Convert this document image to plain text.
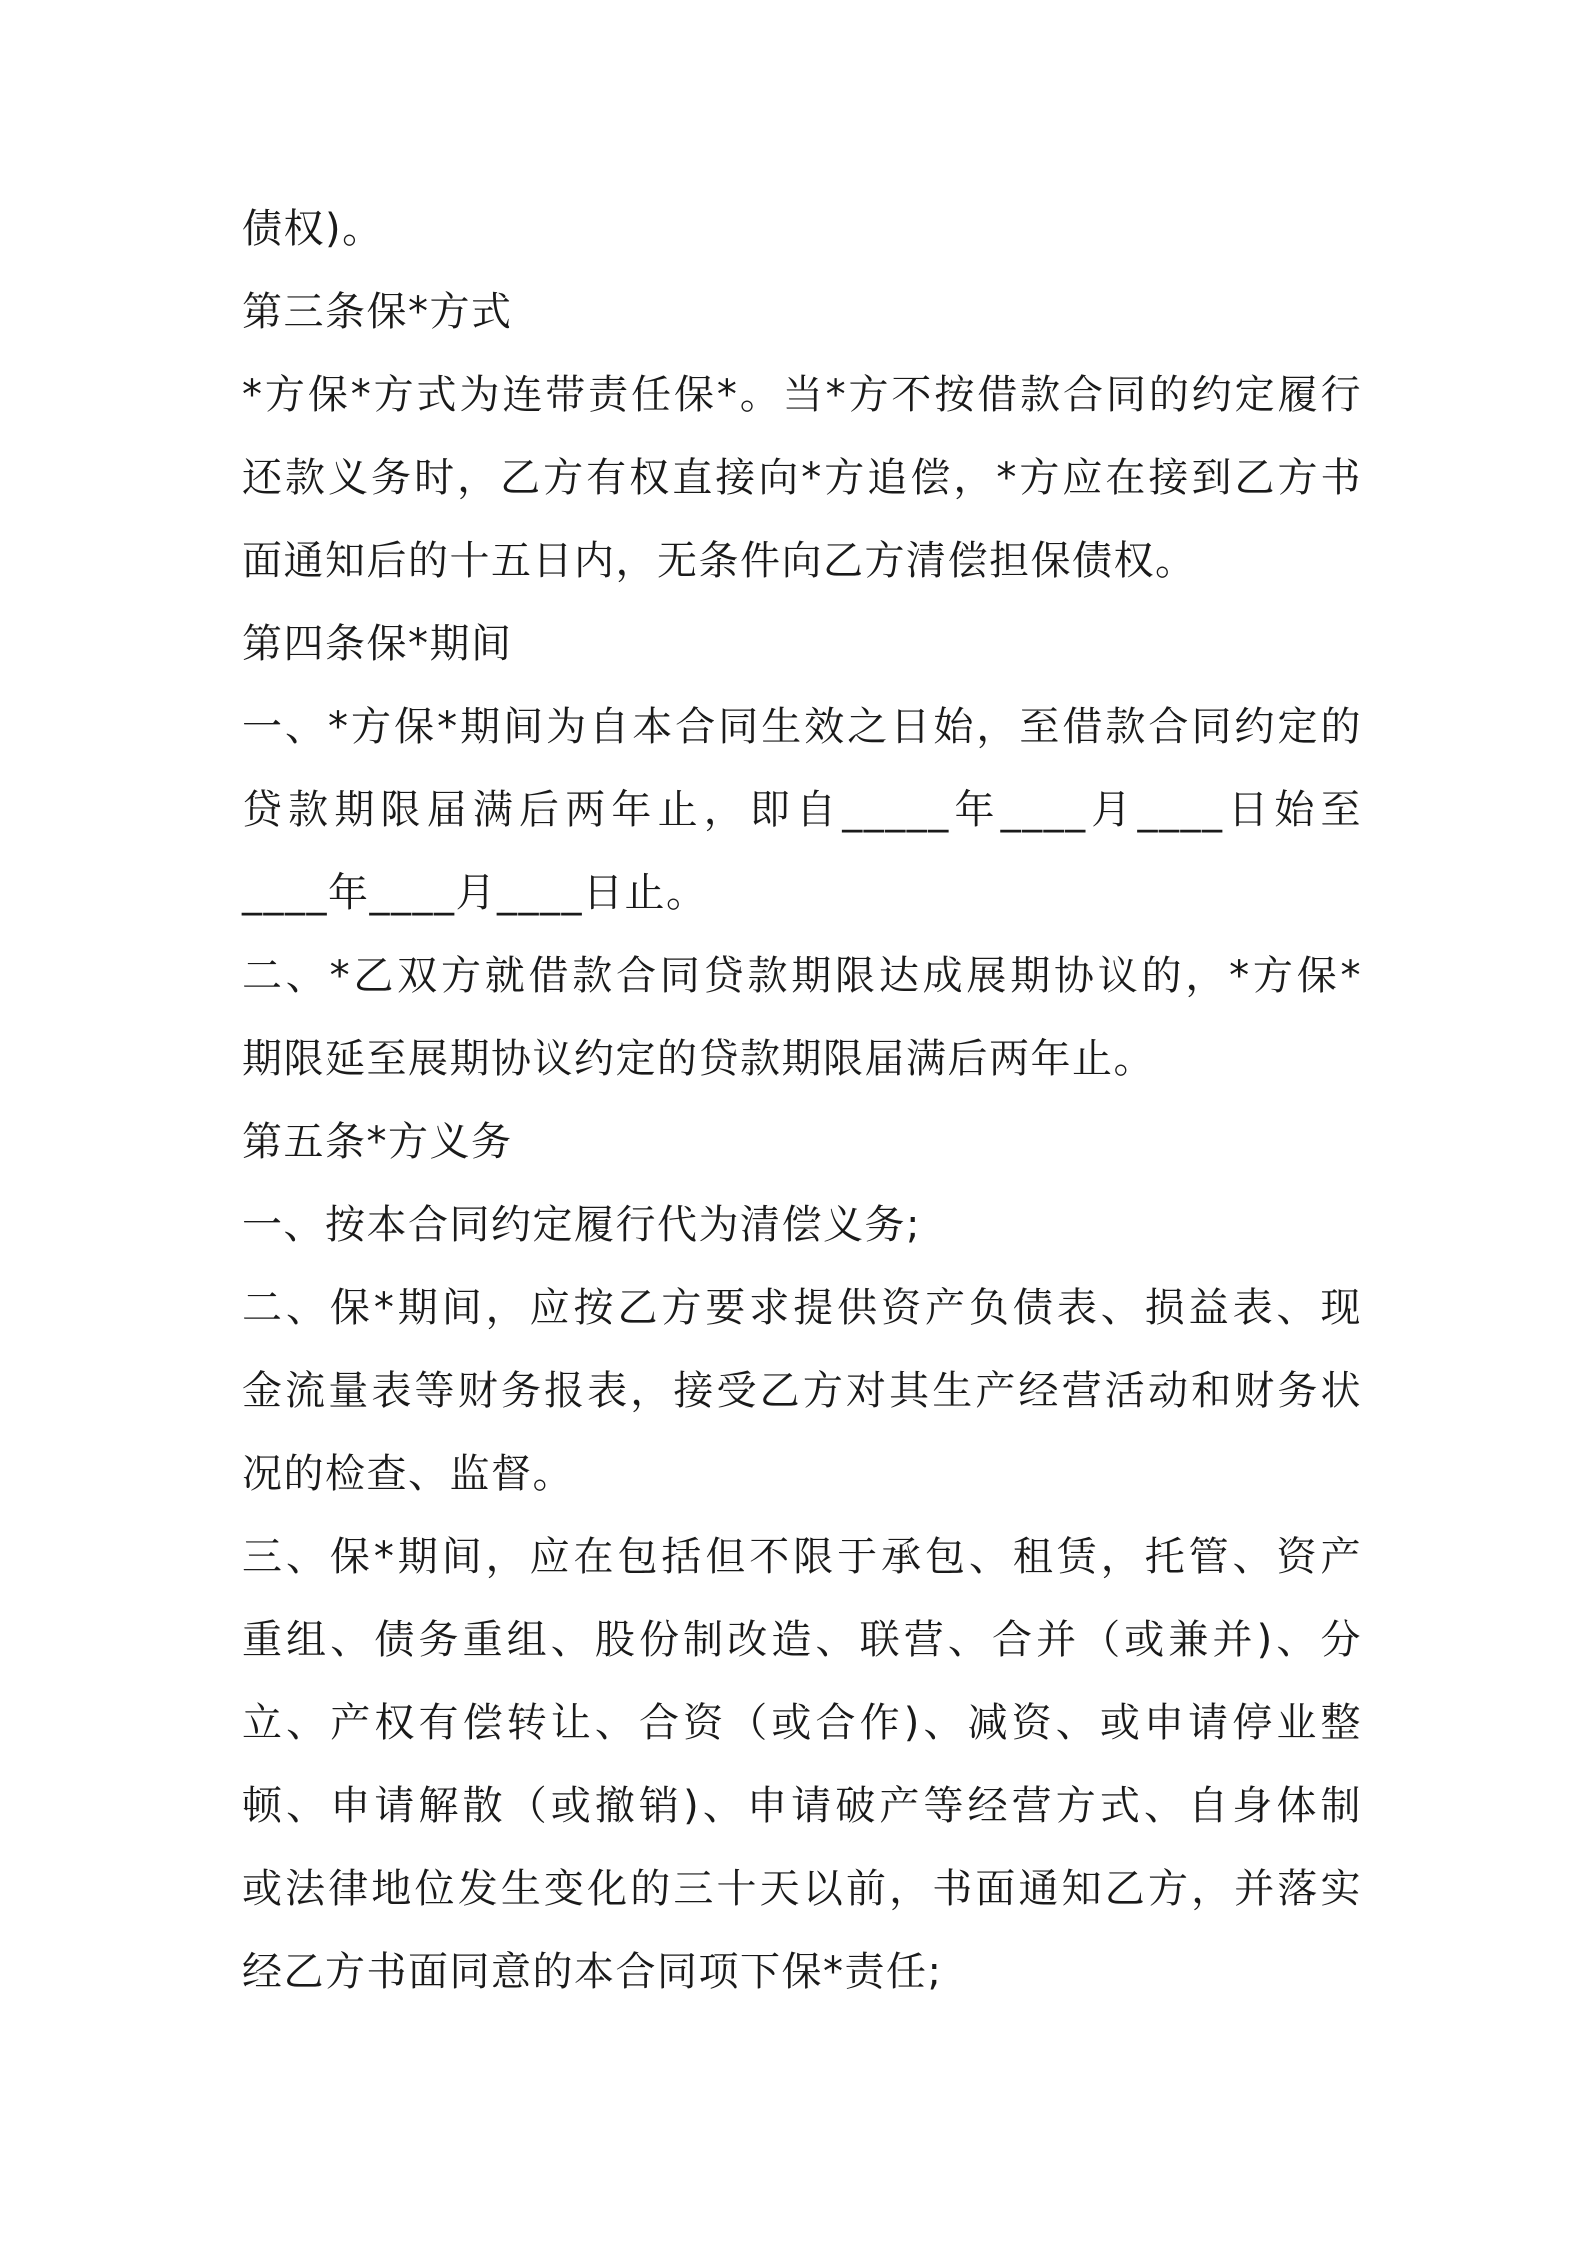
债权)。

第三条保*方式

*方保*方式为连带责任保*。当*方不按借款合同的约定履行

还款义务时，乙方有权直接向*方追偿，*方应在接到乙方书

面通知后的十五日内，无条件向乙方清偿担保债权。

第四条保*期间

一、*方保*期间为自本合同生效之日始，至借款合同约定的

贷款期限届满后两年止，即自_____年____月____日始至

____年____月____日止。

二、*乙双方就借款合同贷款期限达成展期协议的，*方保*

期限延至展期协议约定的贷款期限届满后两年止。

第五条*方义务

一、按本合同约定履行代为清偿义务;

二、保*期间，应按乙方要求提供资产负债表、损益表、现

金流量表等财务报表，接受乙方对其生产经营活动和财务状

况的检查、监督。

三、保*期间，应在包括但不限于承包、租赁，托管、资产

重组、债务重组、股份制改造、联营、合并（或兼并)、分

立、产权有偿转让、合资（或合作)、减资、或申请停业整

顿、申请解散（或撤销)、申请破产等经营方式、自身体制

或法律地位发生变化的三十天以前，书面通知乙方，并落实

经乙方书面同意的本合同项下保*责任;
